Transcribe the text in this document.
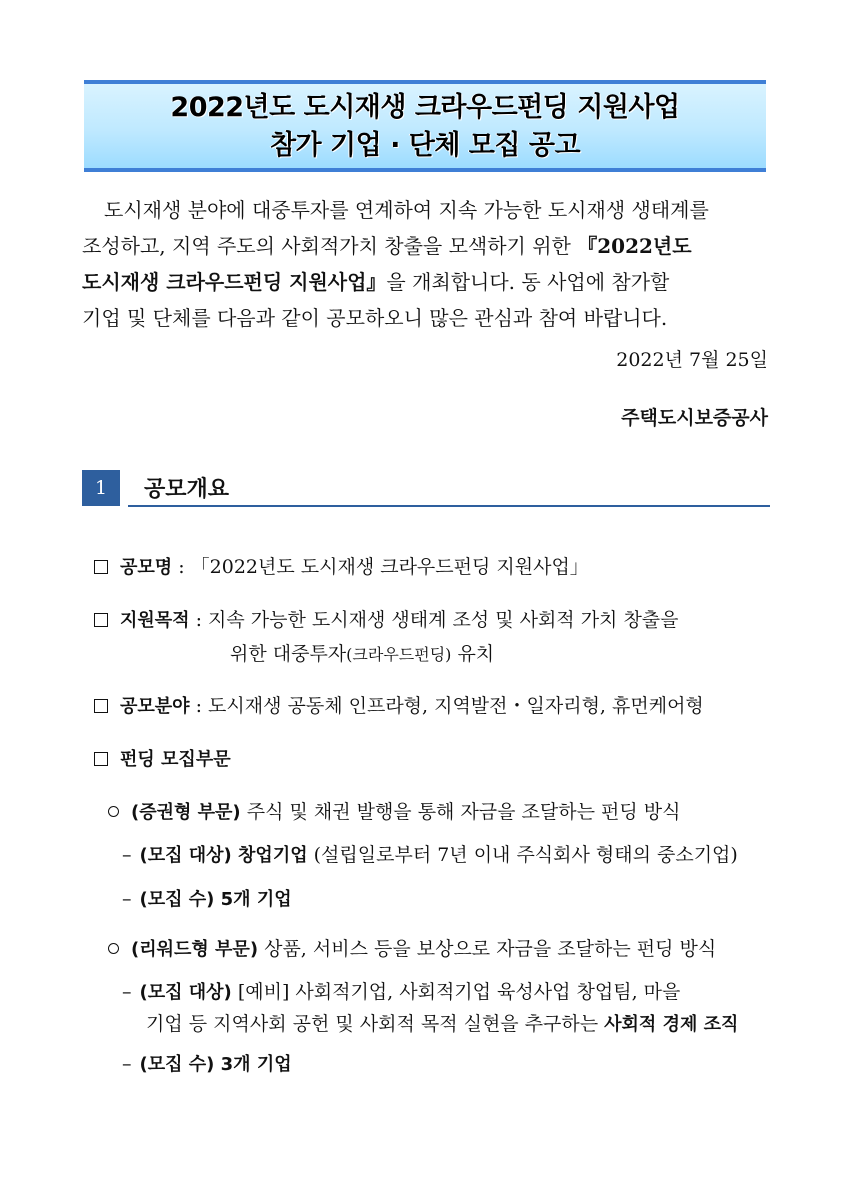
2022년도 도시재생 크라우드펀딩 지원사업
참가 기업 · 단체 모집 공고
도시재생 분야에 대중투자를 연계하여 지속 가능한 도시재생 생태계를
조성하고, 지역 주도의 사회적가치 창출을 모색하기 위한 『2022년도
도시재생 크라우드펀딩 지원사업』을 개최합니다. 동 사업에 참가할
기업 및 단체를 다음과 같이 공모하오니 많은 관심과 참여 바랍니다.
2022년 7월 25일
주택도시보증공사
1	공모개요
공모명 : 「2022년도 도시재생 크라우드펀딩 지원사업」
지원목적 : 지속 가능한 도시재생 생태계 조성 및 사회적 가치 창출을
위한 대중투자(크라우드펀딩) 유치
공모분야 : 도시재생 공동체 인프라형, 지역발전・일자리형, 휴먼케어형
펀딩 모집부문
(증권형 부문) 주식 및 채권 발행을 통해 자금을 조달하는 펀딩 방식
– (모집 대상) 창업기업 (설립일로부터 7년 이내 주식회사 형태의 중소기업)
– (모집 수) 5개 기업
(리워드형 부문) 상품, 서비스 등을 보상으로 자금을 조달하는 펀딩 방식
– (모집 대상) [예비] 사회적기업, 사회적기업 육성사업 창업팀, 마을
기업 등 지역사회 공헌 및 사회적 목적 실현을 추구하는 사회적 경제 조직
– (모집 수) 3개 기업
